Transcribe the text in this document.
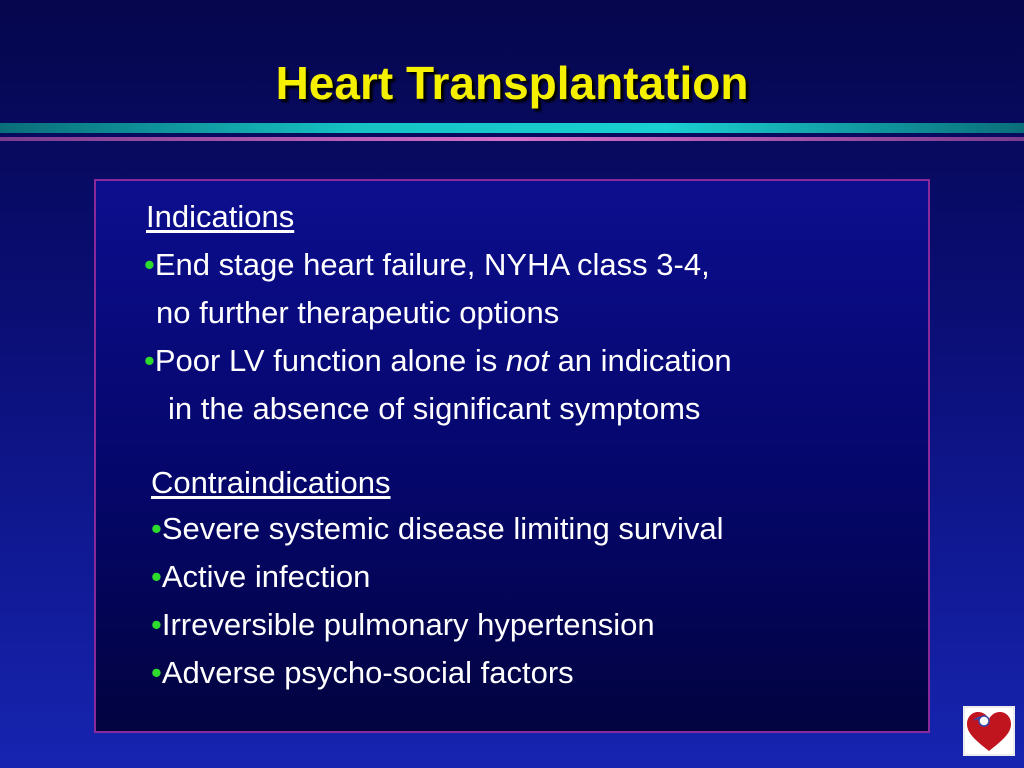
Heart Transplantation
Indications
•End stage heart failure, NYHA class 3-4,
no further therapeutic options
•Poor LV function alone is not an indication
in the absence of significant symptoms
Contraindications
•Severe systemic disease limiting survival
•Active infection
•Irreversible pulmonary hypertension
•Adverse psycho-social factors
